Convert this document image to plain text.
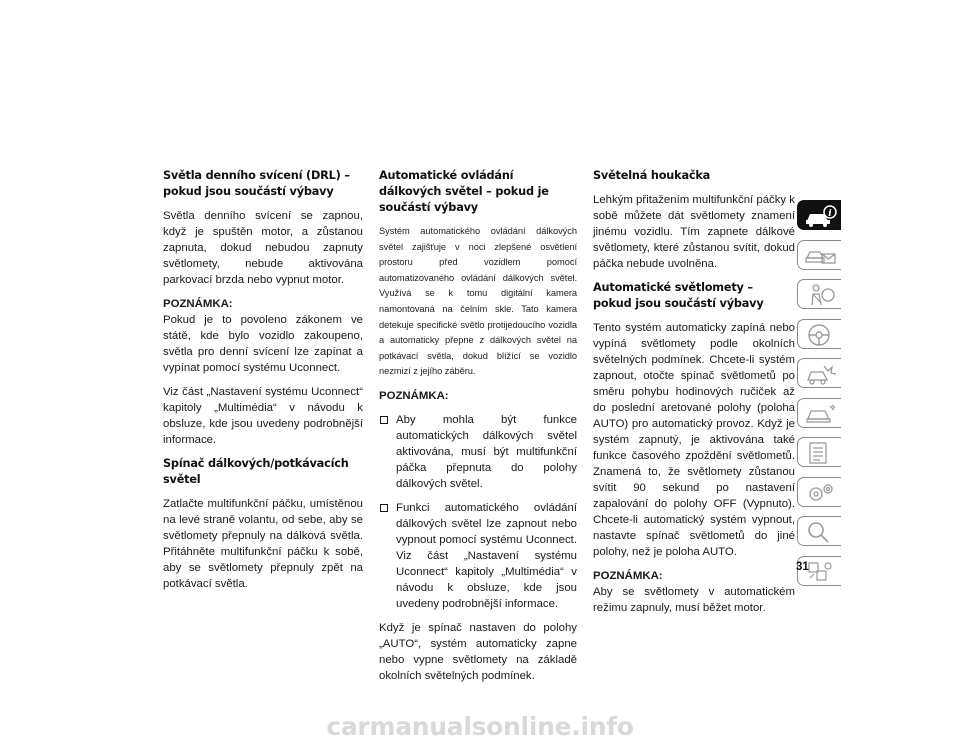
Světla denního svícení (DRL) – pokud jsou součástí výbavy

Světla denního svícení se zapnou, když je spuštěn motor, a zůstanou zapnuta, dokud nebudou zapnuty světlomety, nebude aktivována parkovací brzda nebo vypnut motor.

POZNÁMKA:

Pokud je to povoleno zákonem ve státě, kde bylo vozidlo zakoupeno, světla pro denní svícení lze zapínat a vypínat pomocí systému Uconnect.

Viz část „Nastavení systému Uconnect“ kapitoly „Multimédia“ v návodu k obsluze, kde jsou uvedeny podrobnější informace.

Spínač dálkových/potkávacích světel

Zatlačte multifunkční páčku, umístěnou na levé straně volantu, od sebe, aby se světlomety přepnuly na dálková světla. Přitáhněte multifunkční páčku k sobě, aby se světlomety přepnuly zpět na potkávací světla.

Automatické ovládání dálkových světel – pokud je součástí výbavy

Systém automatického ovládání dálkových světel zajišťuje v noci zlepšené osvětlení prostoru před vozidlem pomocí automatizovaného ovládání dálkových světel. Využívá se k tomu digitální kamera namontovaná na čelním skle. Tato kamera detekuje specifické světlo protijedoucího vozidla a automaticky přepne z dálkových světel na potkávací světla, dokud blížící se vozidlo nezmizí z jejího záběru.

POZNÁMKA:

Aby mohla být funkce automatických dálkových světel aktivována, musí být multifunkční páčka přepnuta do polohy dálkových světel.
Funkci automatického ovládání dálkových světel lze zapnout nebo vypnout pomocí systému Uconnect. Viz část „Nastavení systému Uconnect“ kapitoly „Multimédia“ v návodu k obsluze, kde jsou uvedeny podrobnější informace.

Když je spínač nastaven do polohy „AUTO“, systém automaticky zapne nebo vypne světlomety na základě okolních světelných podmínek.

Světelná houkačka

Lehkým přitažením multifunkční páčky k sobě můžete dát světlomety znamení jinému vozidlu. Tím zapnete dálkové světlomety, které zůstanou svítit, dokud páčka nebude uvolněna.

Automatické světlomety – pokud jsou součástí výbavy

Tento systém automaticky zapíná nebo vypíná světlomety podle okolních světelných podmínek. Chcete-li systém zapnout, otočte spínač světlometů po směru pohybu hodinových ručiček až do poslední aretované polohy (poloha AUTO) pro automatický provoz. Když je systém zapnutý, je aktivována také funkce časového zpoždění světlometů. Znamená to, že světlomety zůstanou svítit 90 sekund po nastavení zapalování do polohy OFF (Vypnuto). Chcete-li automatický systém vypnout, nastavte spínač světlometů do jiné polohy, než je poloha AUTO.

POZNÁMKA:

Aby se světlomety v automatickém režimu zapnuly, musí běžet motor.

i
31
carmanualsonline.info
